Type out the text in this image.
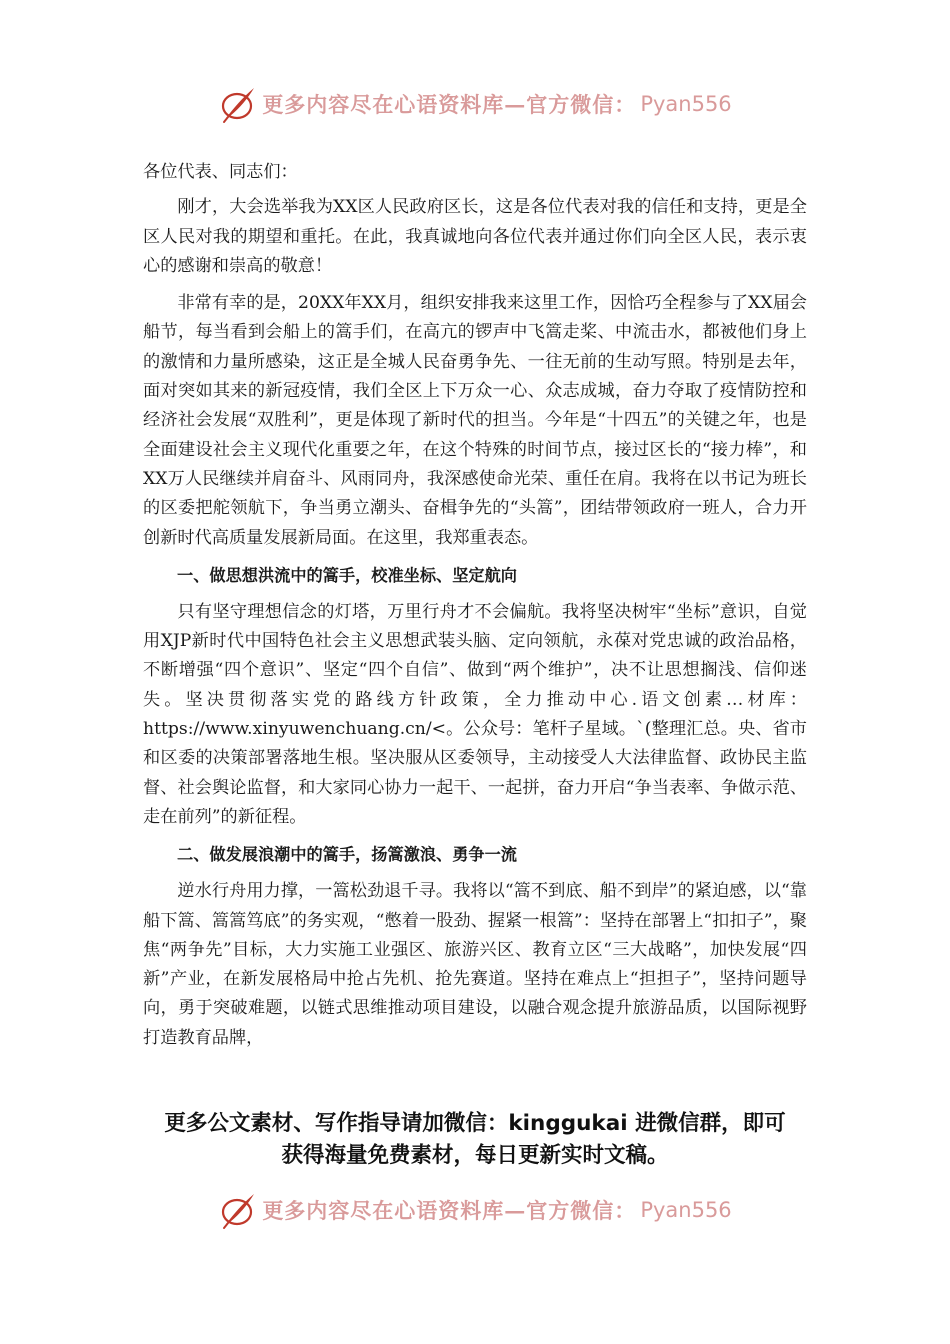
更多内容尽在心语资料库—官方微信： Pyan556

各位代表、同志们：

刚才，大会选举我为XX区人民政府区长，这是各位代表对我的信任和支持，更是全区人民对我的期望和重托。在此，我真诚地向各位代表并通过你们向全区人民，表示衷心的感谢和崇高的敬意！

非常有幸的是，20XX年XX月，组织安排我来这里工作，因恰巧全程参与了XX届会船节，每当看到会船上的篙手们，在高亢的锣声中飞篙走桨、中流击水，都被他们身上的激情和力量所感染，这正是全城人民奋勇争先、一往无前的生动写照。特别是去年，面对突如其来的新冠疫情，我们全区上下万众一心、众志成城，奋力夺取了疫情防控和经济社会发展“双胜利”，更是体现了新时代的担当。今年是“十四五”的关键之年，也是全面建设社会主义现代化重要之年，在这个特殊的时间节点，接过区长的“接力棒”，和XX万人民继续并肩奋斗、风雨同舟，我深感使命光荣、重任在肩。我将在以书记为班长的区委把舵领航下，争当勇立潮头、奋楫争先的“头篙”，团结带领政府一班人，合力开创新时代高质量发展新局面。在这里，我郑重表态。

一、做思想洪流中的篙手，校准坐标、坚定航向

只有坚守理想信念的灯塔，万里行舟才不会偏航。我将坚决树牢“坐标”意识，自觉用XJP新时代中国特色社会主义思想武装头脑、定向领航，永葆对党忠诚的政治品格，不断增强“四个意识”、坚定“四个自信”、做到“两个维护”，决不让思想搁浅、信仰迷失。坚决贯彻落实党的路线方针政策，全力推动中心.语文创素…材库：https://www.xinyuwenchuang.cn/<。公众号：笔杆子星域。`(整理汇总。央、省市和区委的决策部署落地生根。坚决服从区委领导，主动接受人大法律监督、政协民主监督、社会舆论监督，和大家同心协力一起干、一起拼，奋力开启“争当表率、争做示范、走在前列”的新征程。

二、做发展浪潮中的篙手，扬篙激浪、勇争一流

逆水行舟用力撑，一篙松劲退千寻。我将以“篙不到底、船不到岸”的紧迫感，以“靠船下篙、篙篙笃底”的务实观，“憋着一股劲、握紧一根篙”：坚持在部署上“扣扣子”，聚焦“两争先”目标，大力实施工业强区、旅游兴区、教育立区“三大战略”，加快发展“四新”产业，在新发展格局中抢占先机、抢先赛道。坚持在难点上“担担子”，坚持问题导向，勇于突破难题，以链式思维推动项目建设，以融合观念提升旅游品质，以国际视野打造教育品牌，

更多公文素材、写作指导请加微信：kinggukai 进微信群，即可
获得海量免费素材，每日更新实时文稿。
更多内容尽在心语资料库—官方微信： Pyan556
